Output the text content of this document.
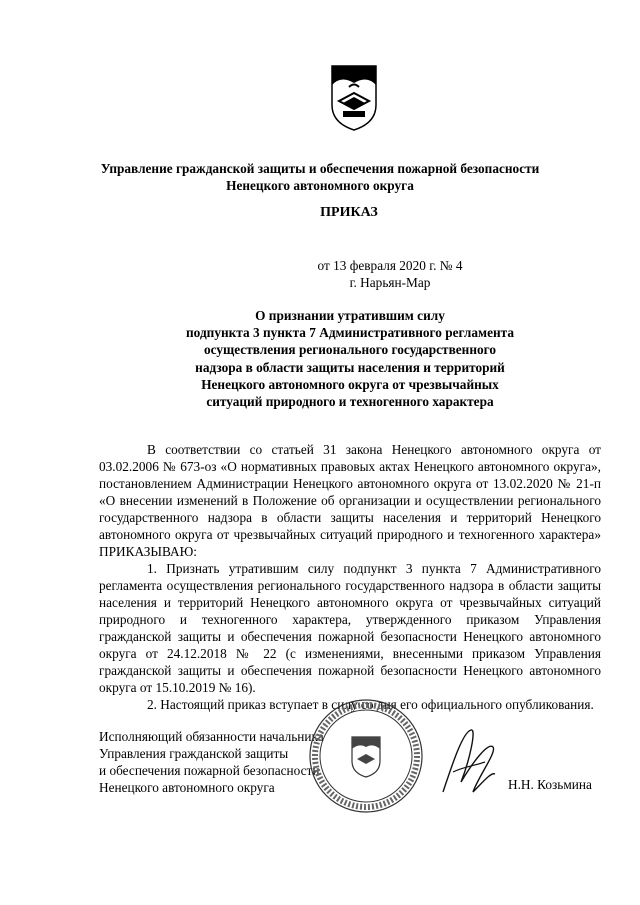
Управление гражданской защиты и обеспечения пожарной безопасности
Ненецкого автономного округа
ПРИКАЗ
от 13 февраля 2020 г. № 4
г. Нарьян-Мар
О признании утратившим силу
подпункта 3 пункта 7 Административного регламента
осуществления регионального государственного
надзора в области защиты населения и территорий
Ненецкого автономного округа от чрезвычайных
ситуаций природного и техногенного характера

В соответствии со статьей 31 закона Ненецкого автономного округа от 03.02.2006 № 673-оз «О нормативных правовых актах Ненецкого автономного округа», постановлением Администрации Ненецкого автономного округа от 13.02.2020 № 21-п «О внесении изменений в Положение об организации и осуществлении регионального государственного надзора в области защиты населения и территорий Ненецкого автономного округа от чрезвычайных ситуаций природного и техногенного характера» ПРИКАЗЫВАЮ:

1. Признать утратившим силу подпункт 3 пункта 7 Административного регламента осуществления регионального государственного надзора в области защиты населения и территорий Ненецкого автономного округа от чрезвычайных ситуаций природного и техногенного характера, утвержденного приказом Управления гражданской защиты и обеспечения пожарной безопасности Ненецкого автономного округа от 24.12.2018 № 22 (с изменениями, внесенными приказом Управления гражданской защиты и обеспечения пожарной безопасности Ненецкого автономного округа от 15.10.2019 № 16).

2. Настоящий приказ вступает в силу со дня его официального опубликования.

Исполняющий обязанности начальника
Управления гражданской защиты
и обеспечения пожарной безопасности
Ненецкого автономного округа	Н.Н. Козьмина
